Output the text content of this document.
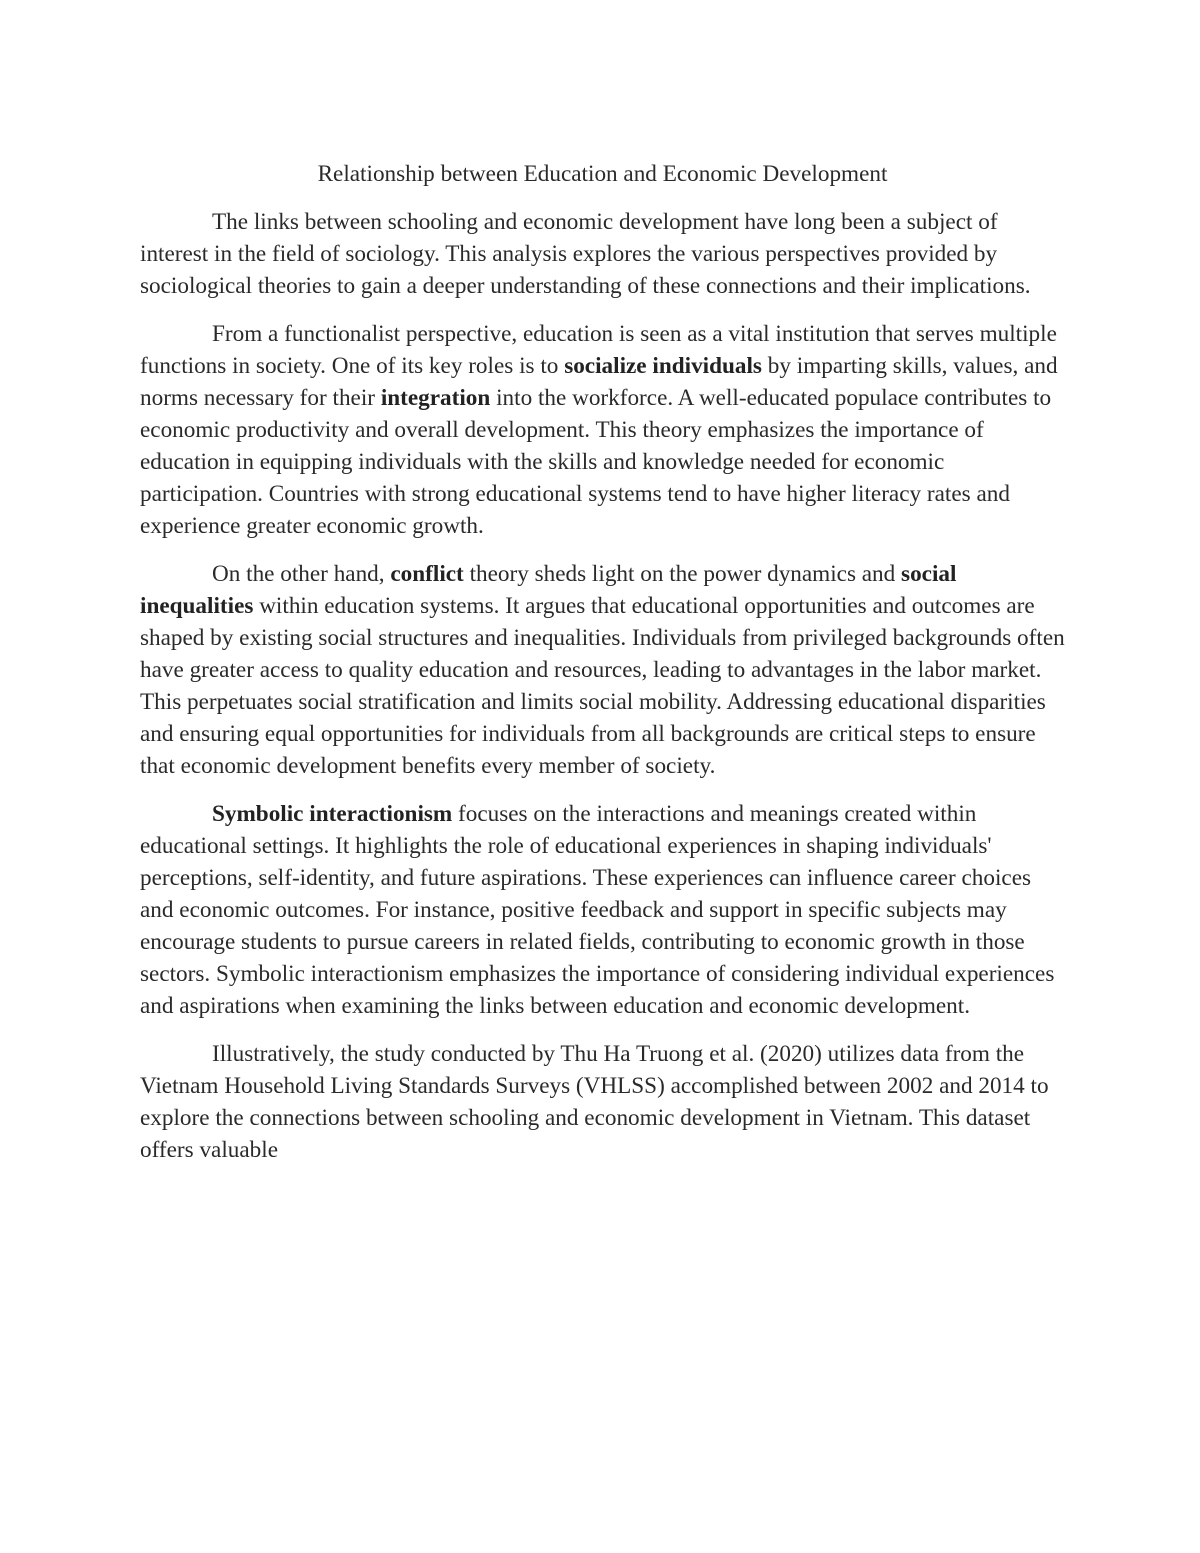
Relationship between Education and Economic Development

The links between schooling and economic development have long been a subject of interest in the field of sociology. This analysis explores the various perspectives provided by sociological theories to gain a deeper understanding of these connections and their implications.

From a functionalist perspective, education is seen as a vital institution that serves multiple functions in society. One of its key roles is to socialize individuals by imparting skills, values, and norms necessary for their integration into the workforce. A well-educated populace contributes to economic productivity and overall development. This theory emphasizes the importance of education in equipping individuals with the skills and knowledge needed for economic participation. Countries with strong educational systems tend to have higher literacy rates and experience greater economic growth.

On the other hand, conflict theory sheds light on the power dynamics and social inequalities within education systems. It argues that educational opportunities and outcomes are shaped by existing social structures and inequalities. Individuals from privileged backgrounds often have greater access to quality education and resources, leading to advantages in the labor market. This perpetuates social stratification and limits social mobility. Addressing educational disparities and ensuring equal opportunities for individuals from all backgrounds are critical steps to ensure that economic development benefits every member of society.

Symbolic interactionism focuses on the interactions and meanings created within educational settings. It highlights the role of educational experiences in shaping individuals' perceptions, self-identity, and future aspirations. These experiences can influence career choices and economic outcomes. For instance, positive feedback and support in specific subjects may encourage students to pursue careers in related fields, contributing to economic growth in those sectors. Symbolic interactionism emphasizes the importance of considering individual experiences and aspirations when examining the links between education and economic development.

Illustratively, the study conducted by Thu Ha Truong et al. (2020) utilizes data from the Vietnam Household Living Standards Surveys (VHLSS) accomplished between 2002 and 2014 to explore the connections between schooling and economic development in Vietnam. This dataset offers valuable
